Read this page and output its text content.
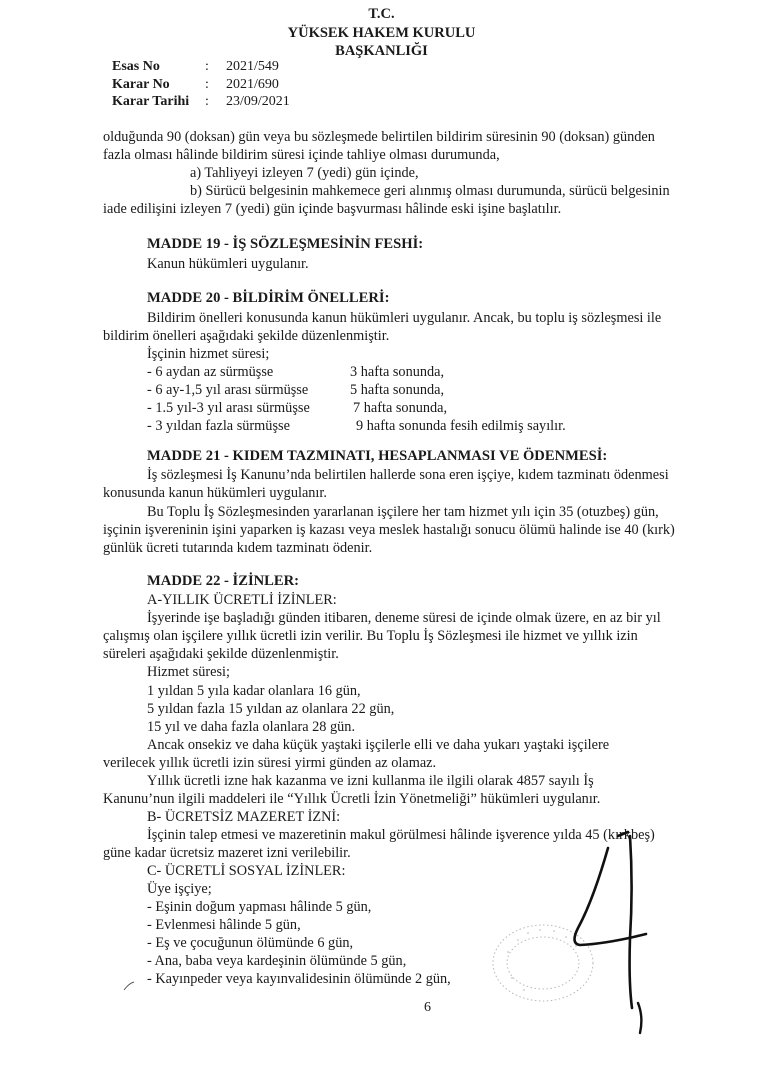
T.C.
YÜKSEK HAKEM KURULU
BAŞKANLIĞI
Esas No	: 2021/549
Karar No	: 2021/690
Karar Tarihi : 23/09/2021
olduğunda 90 (doksan) gün veya bu sözleşmede belirtilen bildirim süresinin 90 (doksan) günden
fazla olması hâlinde bildirim süresi içinde tahliye olması durumunda,
a) Tahliyeyi izleyen 7 (yedi) gün içinde,
b) Sürücü belgesinin mahkemece geri alınmış olması durumunda, sürücü belgesinin
iade edilişini izleyen 7 (yedi) gün içinde başvurması hâlinde eski işine başlatılır.
MADDE 19 - İŞ SÖZLEŞMESİNİN FESHİ:
Kanun hükümleri uygulanır.
MADDE 20 - BİLDİRİM ÖNELLERİ:
Bildirim önelleri konusunda kanun hükümleri uygulanır. Ancak, bu toplu iş sözleşmesi ile
bildirim önelleri aşağıdaki şekilde düzenlenmiştir.
İşçinin hizmet süresi;
- 6 aydan az sürmüşse	3 hafta sonunda,
- 6 ay-1,5 yıl arası sürmüşse	5 hafta sonunda,
- 1.5 yıl-3 yıl arası sürmüşse	7 hafta sonunda,
- 3 yıldan fazla sürmüşse	9 hafta sonunda fesih edilmiş sayılır.
MADDE 21 - KIDEM TAZMINATI, HESAPLANMASI VE ÖDENMESİ:
İş sözleşmesi İş Kanunu’nda belirtilen hallerde sona eren işçiye, kıdem tazminatı ödenmesi
konusunda kanun hükümleri uygulanır.
Bu Toplu İş Sözleşmesinden yararlanan işçilere her tam hizmet yılı için 35 (otuzbeş) gün,
işçinin işvereninin işini yaparken iş kazası veya meslek hastalığı sonucu ölümü halinde ise 40 (kırk)
günlük ücreti tutarında kıdem tazminatı ödenir.
MADDE 22 - İZİNLER:
A-YILLIK ÜCRETLİ İZİNLER:
İşyerinde işe başladığı günden itibaren, deneme süresi de içinde olmak üzere, en az bir yıl
çalışmış olan işçilere yıllık ücretli izin verilir. Bu Toplu İş Sözleşmesi ile hizmet ve yıllık izin
süreleri aşağıdaki şekilde düzenlenmiştir.
Hizmet süresi;
1 yıldan 5 yıla kadar olanlara 16 gün,
5 yıldan fazla 15 yıldan az olanlara 22 gün,
15 yıl ve daha fazla olanlara 28 gün.
Ancak onsekiz ve daha küçük yaştaki işçilerle elli ve daha yukarı yaştaki işçilere
verilecek yıllık ücretli izin süresi yirmi günden az olamaz.
Yıllık ücretli izne hak kazanma ve izni kullanma ile ilgili olarak 4857 sayılı İş
Kanunu’nun ilgili maddeleri ile “Yıllık Ücretli İzin Yönetmeliği” hükümleri uygulanır.
B- ÜCRETSİZ MAZERET İZNİ:
İşçinin talep etmesi ve mazeretinin makul görülmesi hâlinde işverence yılda 45 (kırkbeş)
güne kadar ücretsiz mazeret izni verilebilir.
C- ÜCRETLİ SOSYAL İZİNLER:
Üye işçiye;
- Eşinin doğum yapması hâlinde 5 gün,
- Evlenmesi hâlinde 5 gün,
- Eş ve çocuğunun ölümünde 6 gün,
- Ana, baba veya kardeşinin ölümünde 5 gün,
- Kayınpeder veya kayınvalidesinin ölümünde 2 gün,
6
